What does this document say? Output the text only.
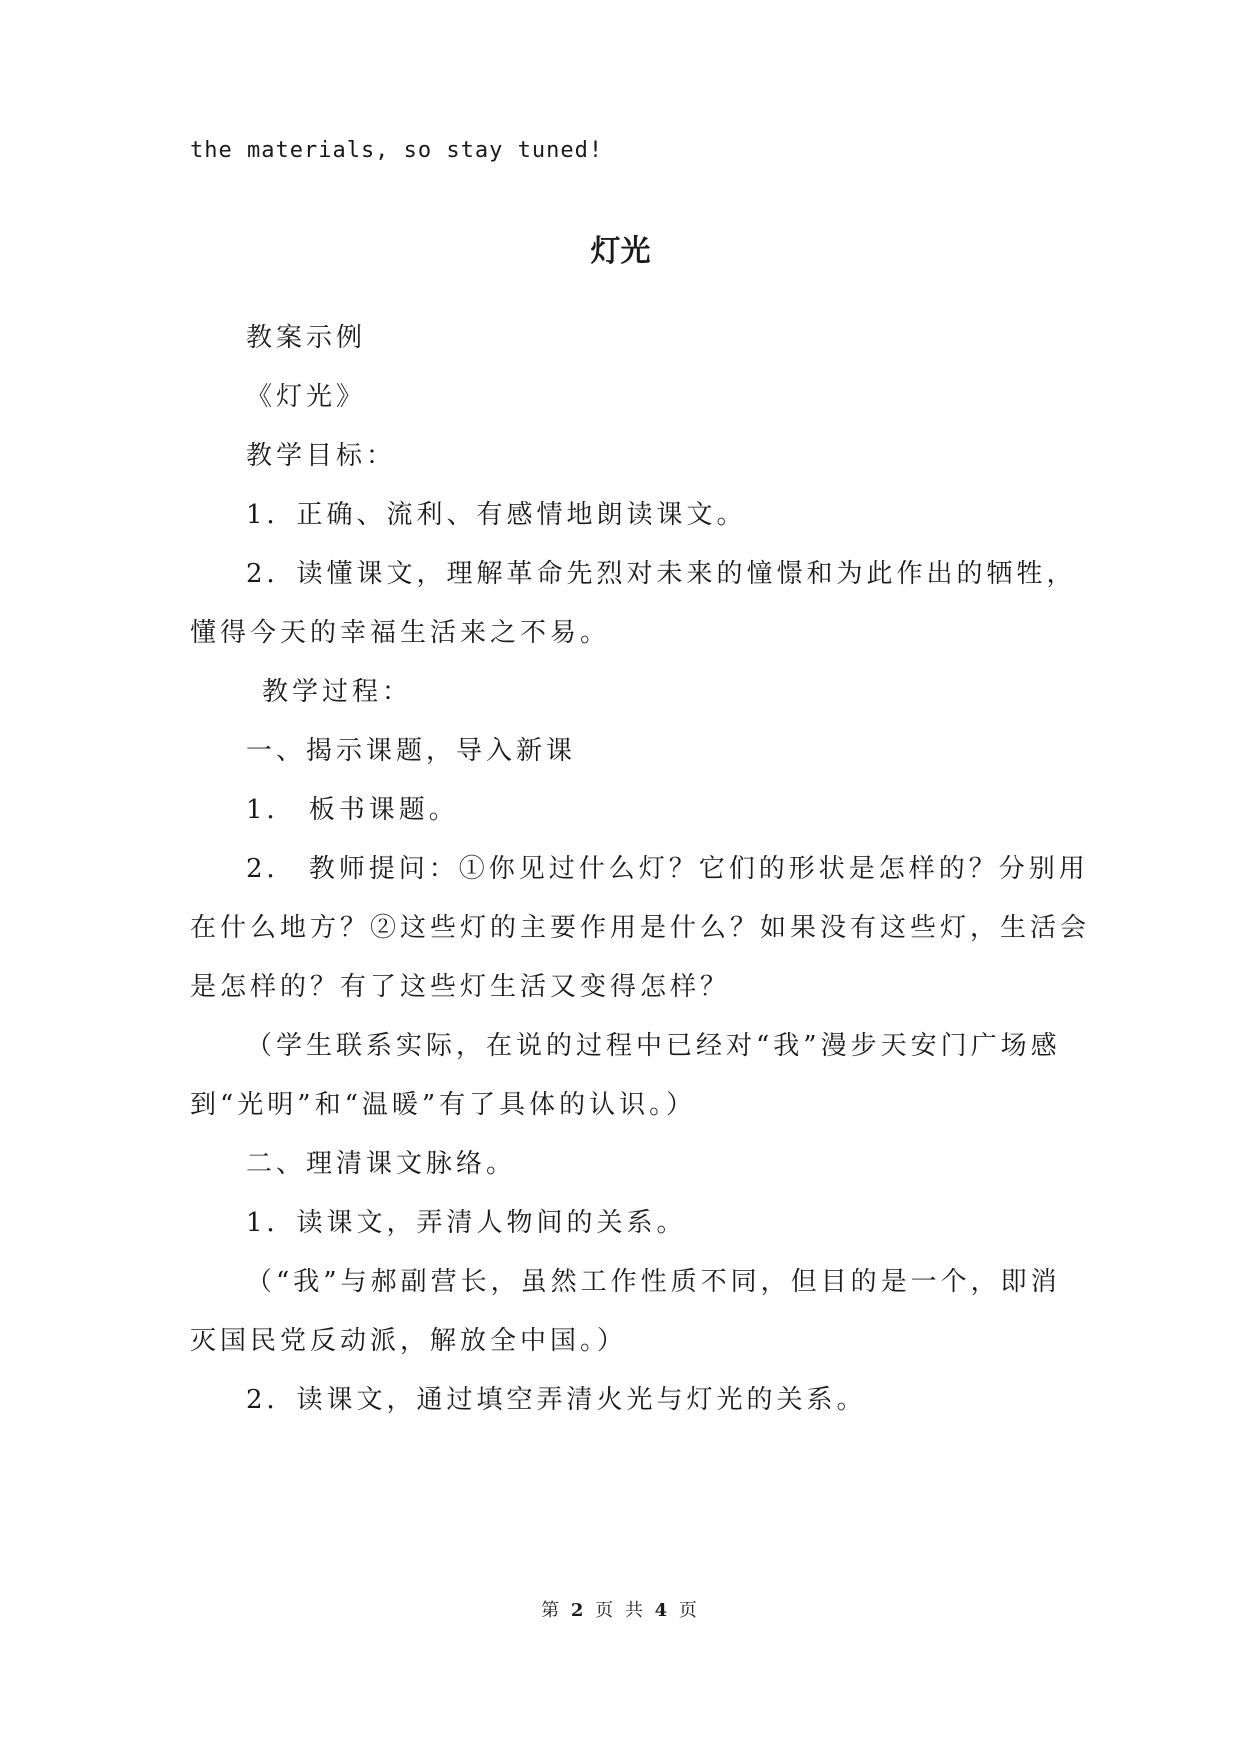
the materials, so stay tuned!
灯光
教案示例
《灯光》
教学目标：
1．正确、流利、有感情地朗读课文。
2．读懂课文，理解革命先烈对未来的憧憬和为此作出的牺牲，
懂得今天的幸福生活来之不易。
教学过程：
一、揭示课题，导入新课
1． 板书课题。
2． 教师提问：①你见过什么灯？它们的形状是怎样的？分别用
在什么地方？②这些灯的主要作用是什么？如果没有这些灯，生活会
是怎样的？有了这些灯生活又变得怎样？
（学生联系实际，在说的过程中已经对“我”漫步天安门广场感
到“光明”和“温暖”有了具体的认识。）
二、理清课文脉络。
1．读课文，弄清人物间的关系。
（“我”与郝副营长，虽然工作性质不同，但目的是一个，即消
灭国民党反动派，解放全中国。）
2．读课文，通过填空弄清火光与灯光的关系。
第 2 页 共 4 页
